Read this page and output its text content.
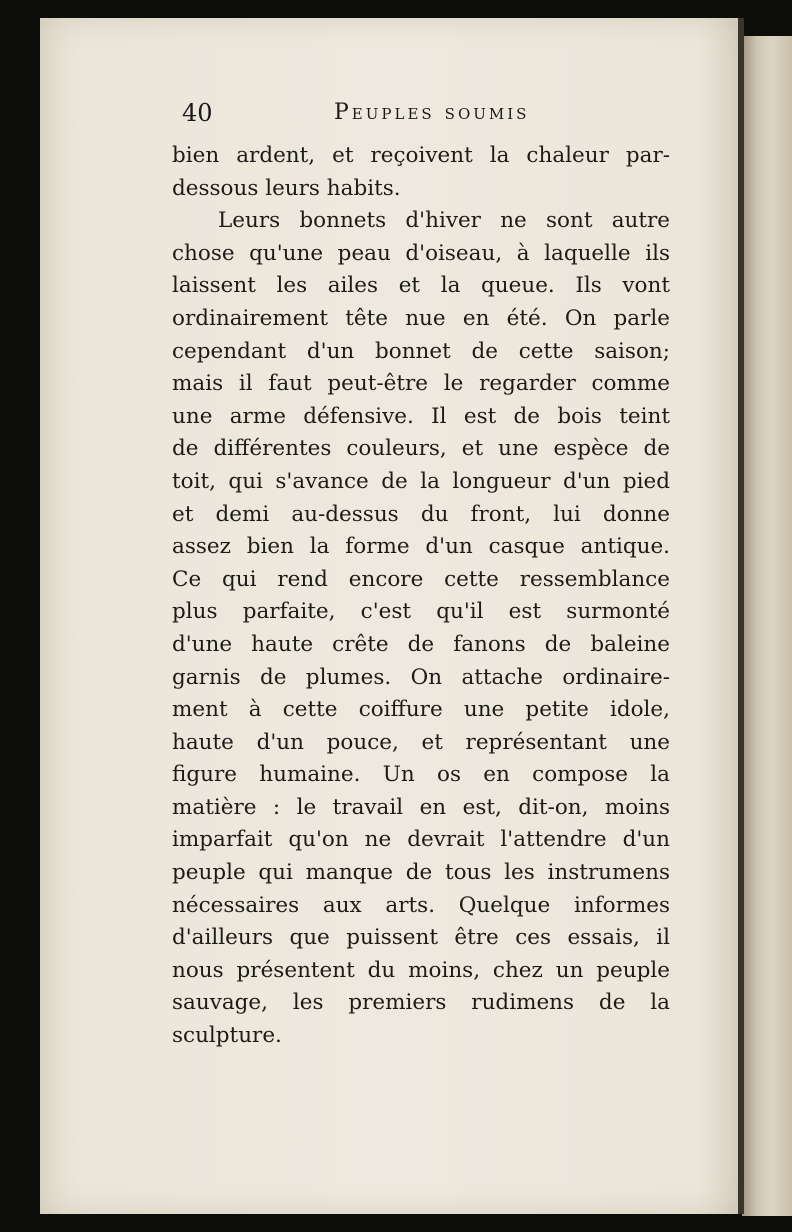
40	Peuples soumis
bien ardent, et reçoivent la chaleur par-
dessous leurs habits.
Leurs bonnets d'hiver ne sont autre
chose qu'une peau d'oiseau, à laquelle ils
laissent les ailes et la queue. Ils vont
ordinairement tête nue en été. On parle
cependant d'un bonnet de cette saison;
mais il faut peut-être le regarder comme
une arme défensive. Il est de bois teint
de différentes couleurs, et une espèce de
toit, qui s'avance de la longueur d'un pied
et demi au-dessus du front, lui donne
assez bien la forme d'un casque antique.
Ce qui rend encore cette ressemblance
plus parfaite, c'est qu'il est surmonté
d'une haute crête de fanons de baleine
garnis de plumes. On attache ordinaire-
ment à cette coiffure une petite idole,
haute d'un pouce, et représentant une
figure humaine. Un os en compose la
matière : le travail en est, dit-on, moins
imparfait qu'on ne devrait l'attendre d'un
peuple qui manque de tous les instrumens
nécessaires aux arts. Quelque informes
d'ailleurs que puissent être ces essais, il
nous présentent du moins, chez un peuple
sauvage, les premiers rudimens de la
sculpture.
